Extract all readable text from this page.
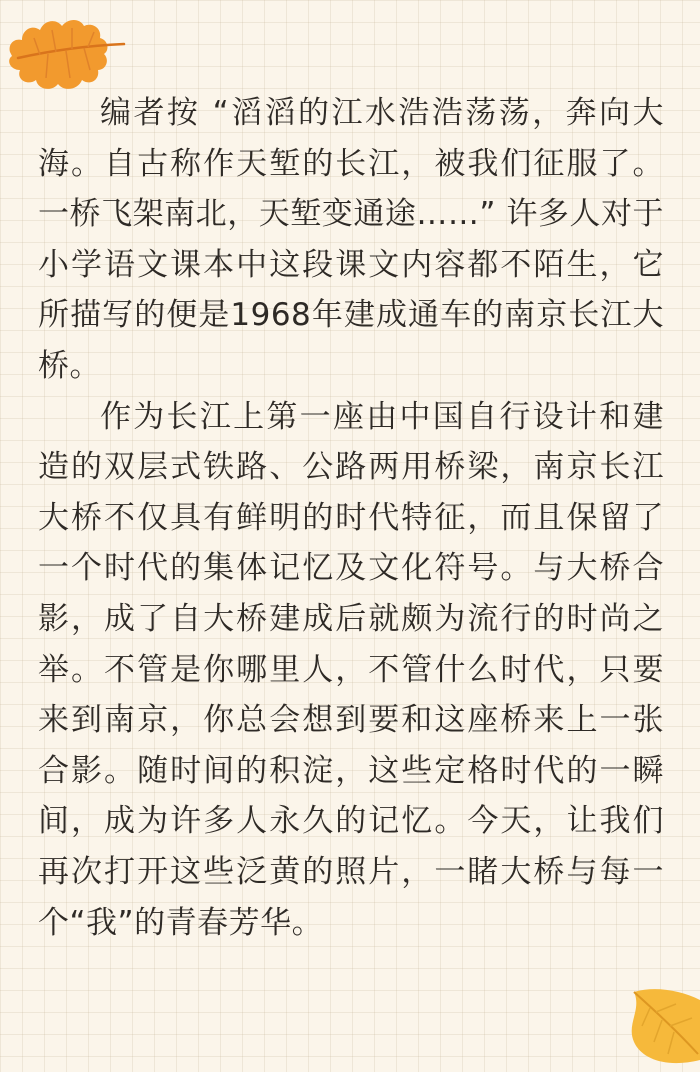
编者按 “滔滔的江水浩浩荡荡，奔向大海。自古称作天堑的长江，被我们征服了。一桥飞架南北，天堑变通途……” 许多人对于小学语文课本中这段课文内容都不陌生，它所描写的便是1968年建成通车的南京长江大桥。

作为长江上第一座由中国自行设计和建造的双层式铁路、公路两用桥梁，南京长江大桥不仅具有鲜明的时代特征，而且保留了一个时代的集体记忆及文化符号。与大桥合影，成了自大桥建成后就颇为流行的时尚之举。不管是你哪里人，不管什么时代，只要来到南京，你总会想到要和这座桥来上一张合影。随时间的积淀，这些定格时代的一瞬间，成为许多人永久的记忆。今天，让我们再次打开这些泛黄的照片，一睹大桥与每一个“我”的青春芳华。
